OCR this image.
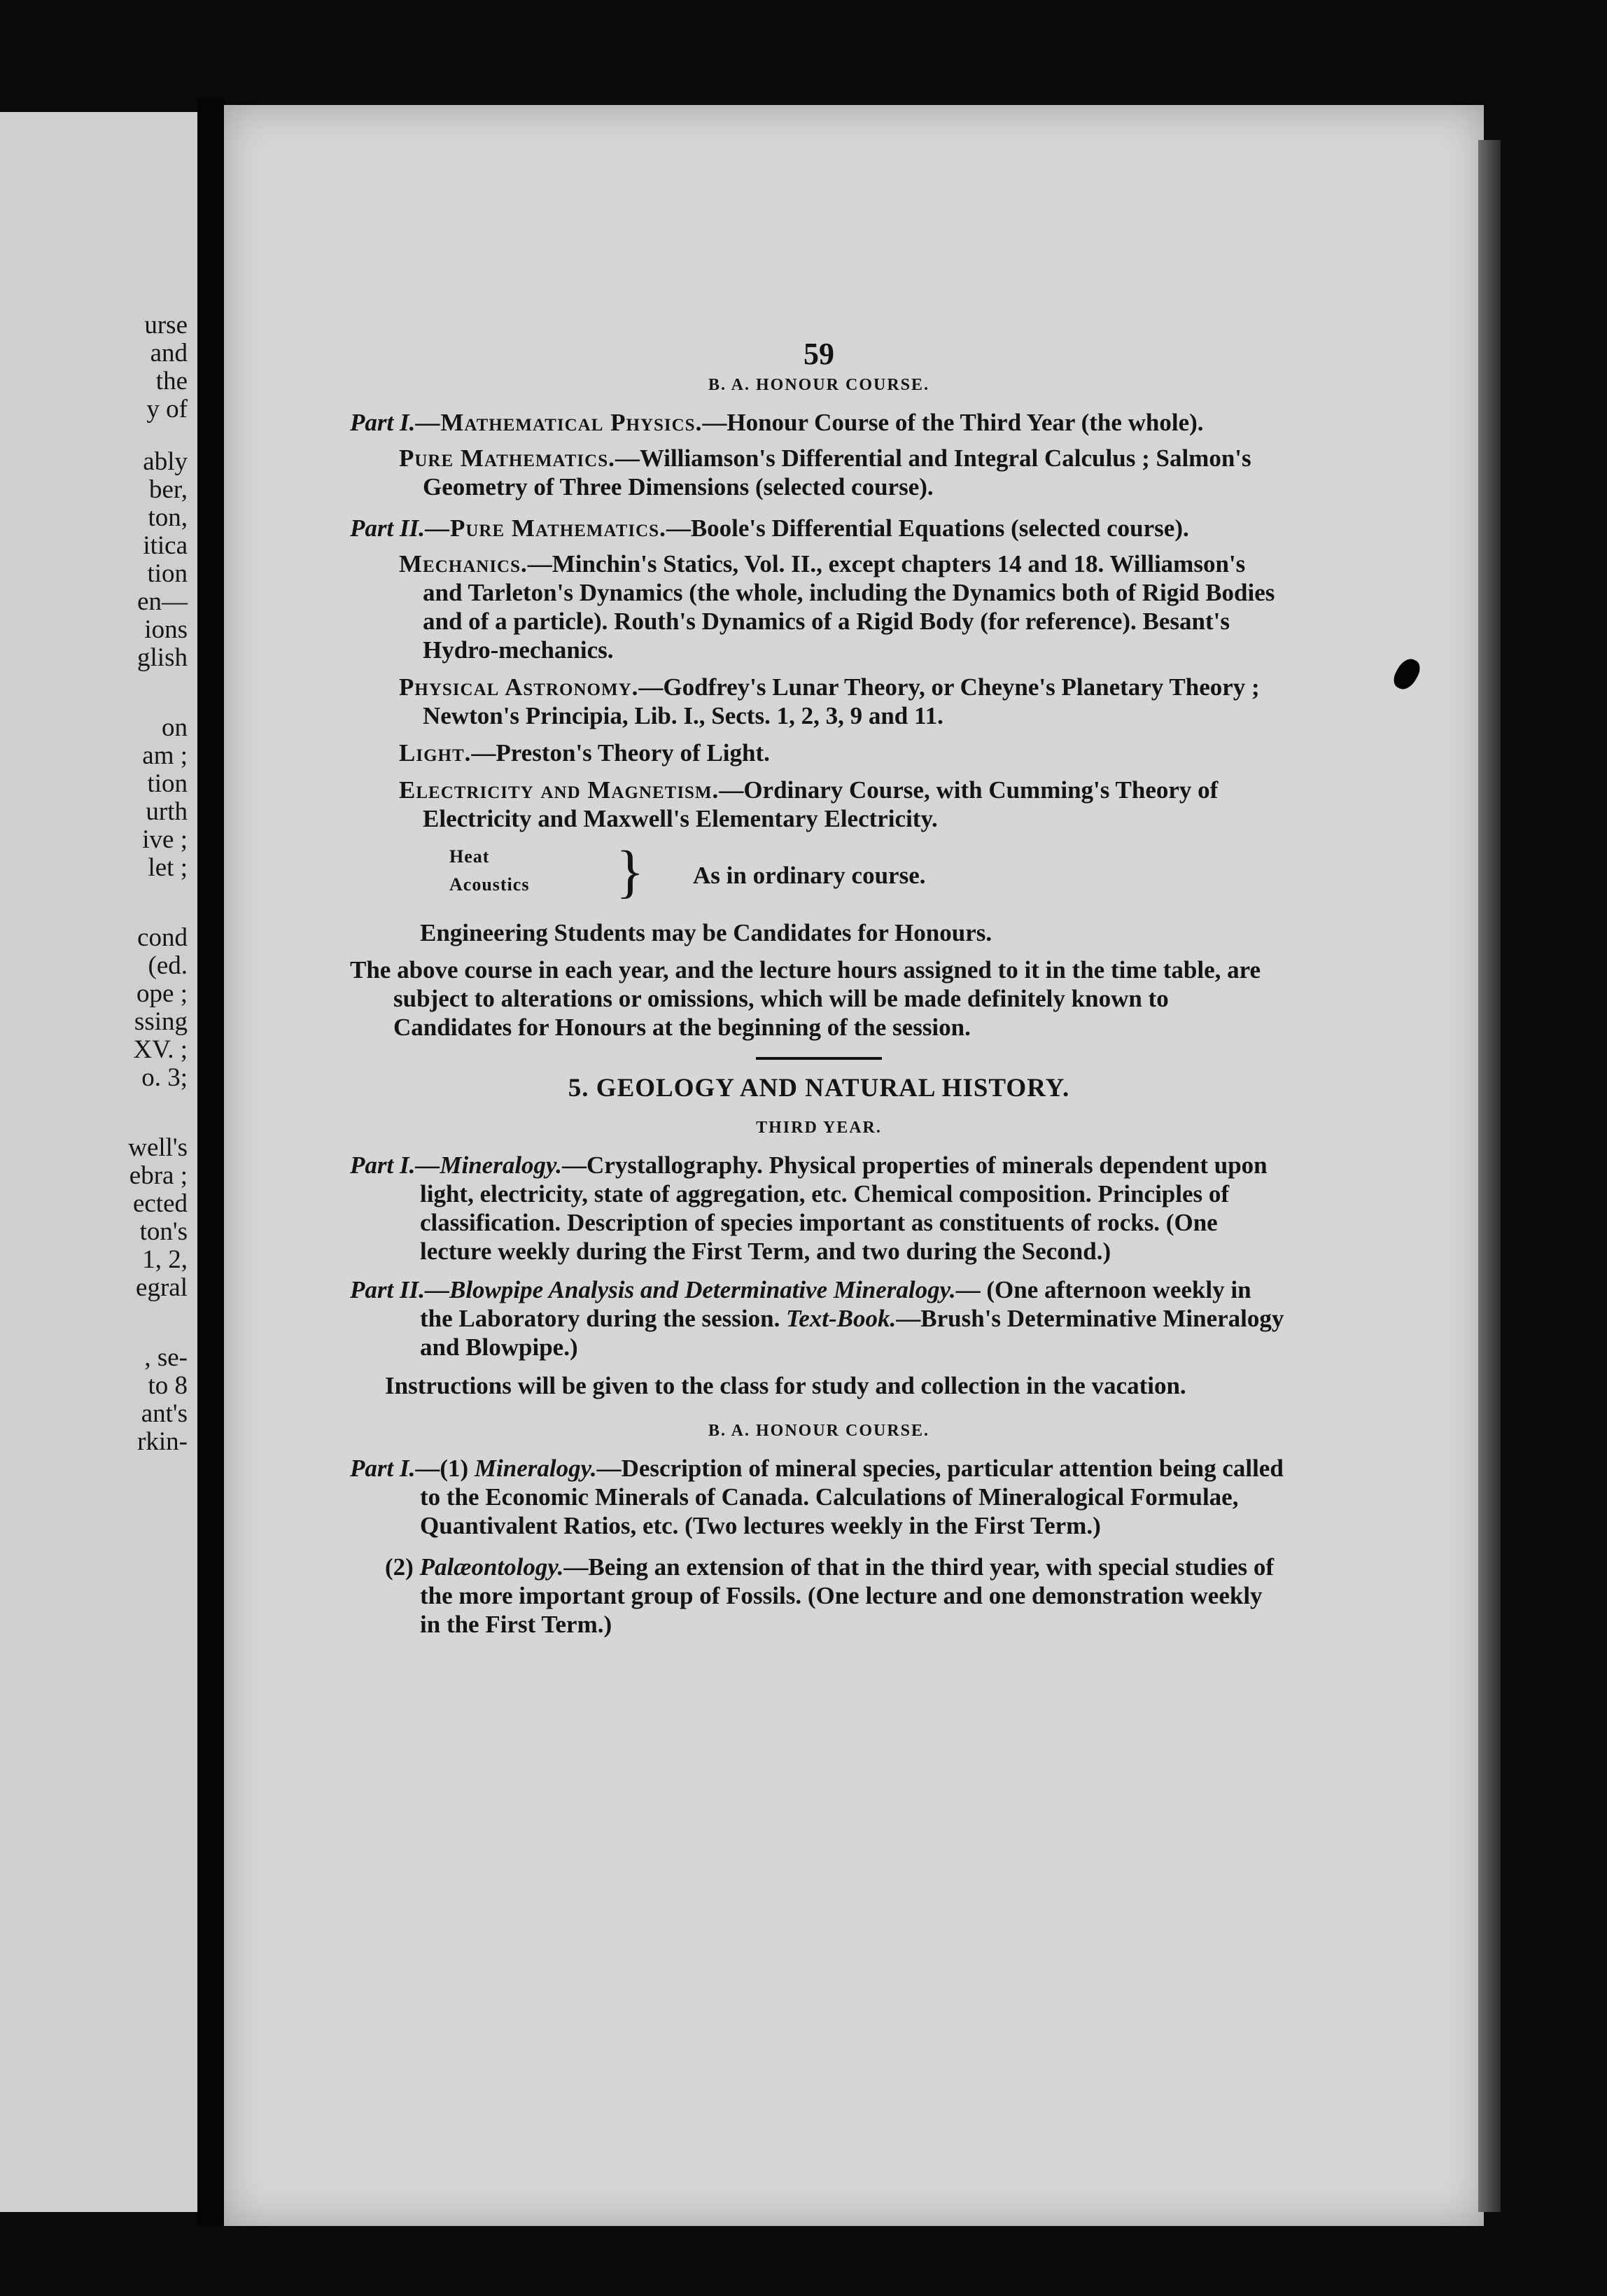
urse
and
the
y of
ably
ber,
ton,
itica
tion
en—
ions
glish
on
am ;
tion
urth
ive ;
let ;
cond
(ed.
ope ;
ssing
XV. ;
o. 3;
well's
ebra ;
ected
ton's
1, 2,
egral
, se-
to 8
ant's
rkin-

59

B. A. HONOUR COURSE.

Part I.—Mathematical Physics.—Honour Course of the Third Year (the whole).

Pure Mathematics.—Williamson's Differential and Integral Calculus ; Salmon's Geometry of Three Dimensions (selected course).

Part II.—Pure Mathematics.—Boole's Differential Equations (selected course).

Mechanics.—Minchin's Statics, Vol. II., except chapters 14 and 18. Williamson's and Tarleton's Dynamics (the whole, including the Dynamics both of Rigid Bodies and of a particle). Routh's Dynamics of a Rigid Body (for reference). Besant's Hydro-mechanics.

Physical Astronomy.—Godfrey's Lunar Theory, or Cheyne's Planetary Theory ; Newton's Principia, Lib. I., Sects. 1, 2, 3, 9 and 11.

Light.—Preston's Theory of Light.

Electricity and Magnetism.—Ordinary Course, with Cumming's Theory of Electricity and Maxwell's Elementary Electricity.

Heat
Acoustics } As in ordinary course.

Engineering Students may be Candidates for Honours.

The above course in each year, and the lecture hours assigned to it in the time table, are subject to alterations or omissions, which will be made definitely known to Candidates for Honours at the beginning of the session.

5. GEOLOGY AND NATURAL HISTORY.

THIRD YEAR.

Part I.—Mineralogy.—Crystallography. Physical properties of minerals dependent upon light, electricity, state of aggregation, etc. Chemical composition. Principles of classification. Description of species important as constituents of rocks. (One lecture weekly during the First Term, and two during the Second.)

Part II.—Blowpipe Analysis and Determinative Mineralogy.— (One afternoon weekly in the Laboratory during the session. Text-Book.—Brush's Determinative Mineralogy and Blowpipe.)

Instructions will be given to the class for study and collection in the vacation.

B. A. HONOUR COURSE.

Part I.—(1) Mineralogy.—Description of mineral species, particular attention being called to the Economic Minerals of Canada. Calculations of Mineralogical Formulae, Quantivalent Ratios, etc. (Two lectures weekly in the First Term.)

(2) Palæontology.—Being an extension of that in the third year, with special studies of the more important group of Fossils. (One lecture and one demonstration weekly in the First Term.)
